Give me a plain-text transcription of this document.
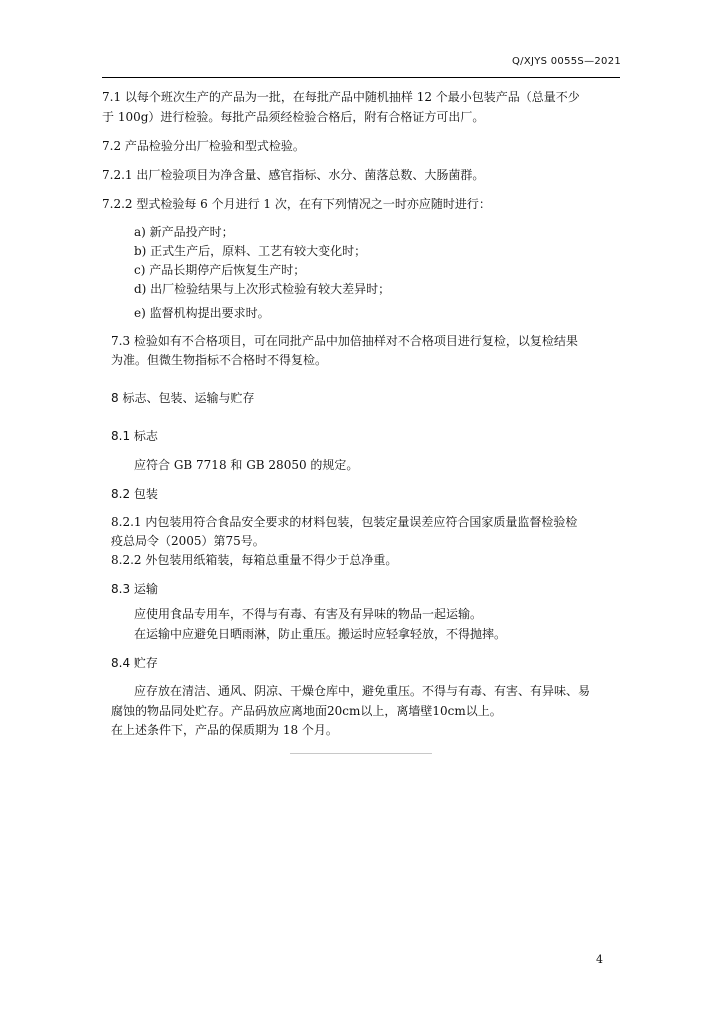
Q/XJYS 0055S—2021
7.1 以每个班次生产的产品为一批，在每批产品中随机抽样 12 个最小包装产品（总量不少
于 100g）进行检验。每批产品须经检验合格后，附有合格证方可出厂。
7.2 产品检验分出厂检验和型式检验。
7.2.1 出厂检验项目为净含量、感官指标、水分、菌落总数、大肠菌群。
7.2.2 型式检验每 6 个月进行 1 次，在有下列情况之一时亦应随时进行：
a) 新产品投产时；
b) 正式生产后，原料、工艺有较大变化时；
c) 产品长期停产后恢复生产时；
d) 出厂检验结果与上次形式检验有较大差异时；
e) 监督机构提出要求时。
7.3 检验如有不合格项目，可在同批产品中加倍抽样对不合格项目进行复检，以复检结果
为准。但微生物指标不合格时不得复检。
8 标志、包装、运输与贮存
8.1 标志
应符合 GB 7718 和 GB 28050 的规定。
8.2 包装
8.2.1 内包装用符合食品安全要求的材料包装，包装定量误差应符合国家质量监督检验检
疫总局令（2005）第75号。
8.2.2 外包装用纸箱装，每箱总重量不得少于总净重。
8.3 运输
应使用食品专用车，不得与有毒、有害及有异味的物品一起运输。
在运输中应避免日晒雨淋，防止重压。搬运时应轻拿轻放，不得抛摔。
8.4 贮存
应存放在清洁、通风、阴凉、干燥仓库中，避免重压。不得与有毒、有害、有异味、易
腐蚀的物品同处贮存。产品码放应离地面20cm以上，离墙壁10cm以上。
在上述条件下，产品的保质期为 18 个月。
4
